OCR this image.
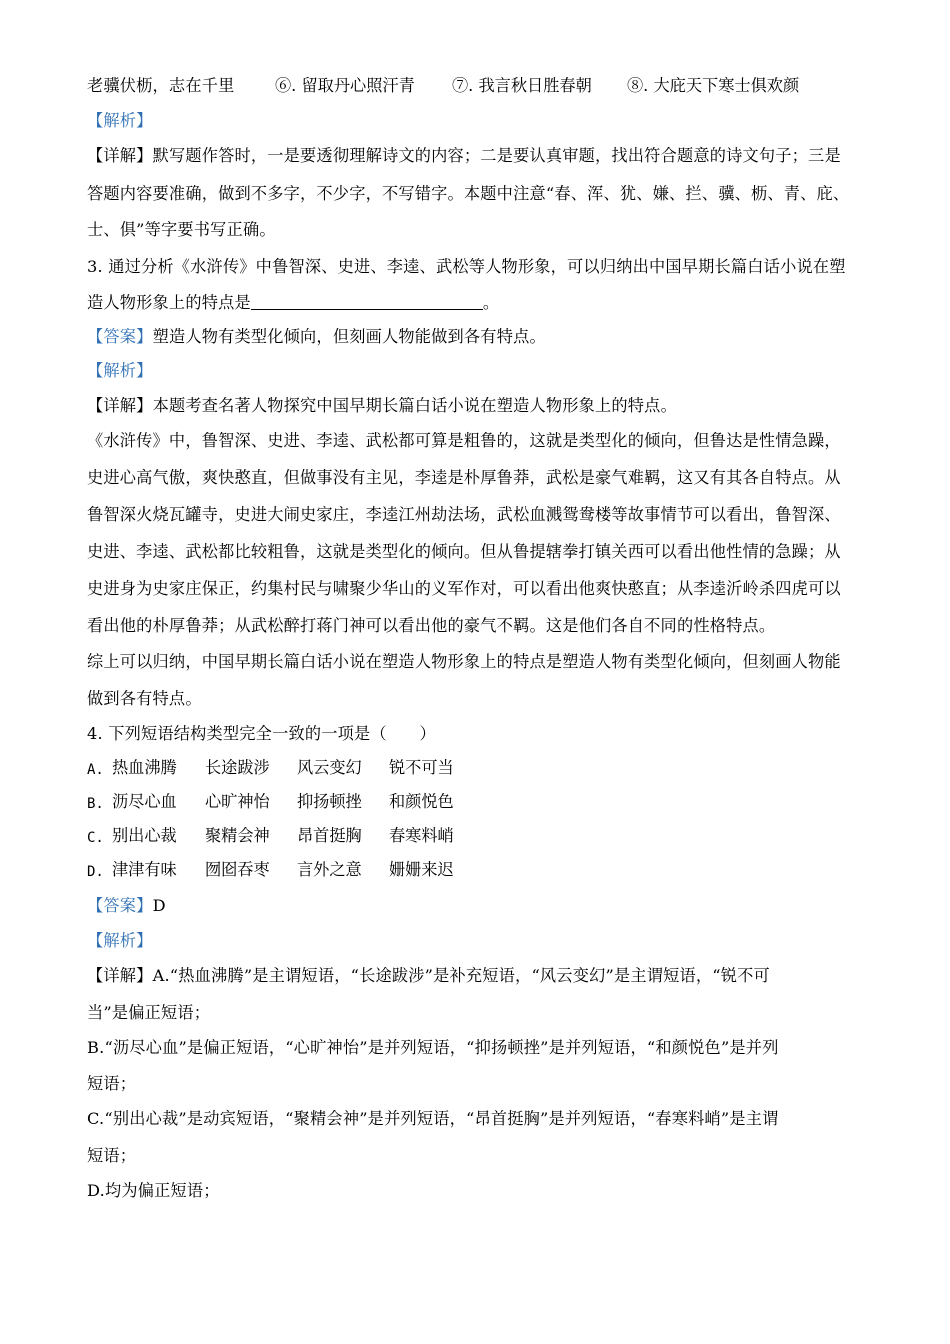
老骥伏枥，志在千里	⑥. 留取丹心照汗青 ⑦. 我言秋日胜春朝 ⑧. 大庇天下寒士俱欢颜
【解析】
【详解】默写题作答时，一是要透彻理解诗文的内容；二是要认真审题，找出符合题意的诗文句子；三是
答题内容要准确，做到不多字，不少字，不写错字。本题中注意“春、浑、犹、嫌、拦、骥、枥、青、庇、
士、俱”等字要书写正确。
3. 通过分析《水浒传》中鲁智深、史进、李逵、武松等人物形象，可以归纳出中国早期长篇白话小说在塑
造人物形象上的特点是	。
【答案】塑造人物有类型化倾向，但刻画人物能做到各有特点。
【解析】
【详解】本题考查名著人物探究中国早期长篇白话小说在塑造人物形象上的特点。
《水浒传》中，鲁智深、史进、李逵、武松都可算是粗鲁的，这就是类型化的倾向，但鲁达是性情急躁，
史进心高气傲，爽快憨直，但做事没有主见，李逵是朴厚鲁莽，武松是豪气难羁，这又有其各自特点。从
鲁智深火烧瓦罐寺，史进大闹史家庄，李逵江州劫法场，武松血溅鸳鸯楼等故事情节可以看出，鲁智深、
史进、李逵、武松都比较粗鲁，这就是类型化的倾向。但从鲁提辖拳打镇关西可以看出他性情的急躁；从
史进身为史家庄保正，约集村民与啸聚少华山的义军作对，可以看出他爽快憨直；从李逵沂岭杀四虎可以
看出他的朴厚鲁莽；从武松醉打蒋门神可以看出他的豪气不羁。这是他们各自不同的性格特点。
综上可以归纳，中国早期长篇白话小说在塑造人物形象上的特点是塑造人物有类型化倾向，但刻画人物能
做到各有特点。
4. 下列短语结构类型完全一致的一项是（　　）
A. 热血沸腾 长途跋涉 风云变幻 锐不可当
B. 沥尽心血 心旷神怡 抑扬顿挫 和颜悦色
C. 别出心裁 聚精会神 昂首挺胸 春寒料峭
D. 津津有味 囫囵吞枣 言外之意 姗姗来迟
【答案】D
【解析】
【详解】A.“热血沸腾”是主谓短语，“长途跋涉”是补充短语，“风云变幻”是主谓短语，“锐不可
当”是偏正短语；
B.“沥尽心血”是偏正短语，“心旷神怡”是并列短语，“抑扬顿挫”是并列短语，“和颜悦色”是并列
短语；
C.“别出心裁”是动宾短语，“聚精会神”是并列短语，“昂首挺胸”是并列短语，“春寒料峭”是主谓
短语；
D.均为偏正短语；
